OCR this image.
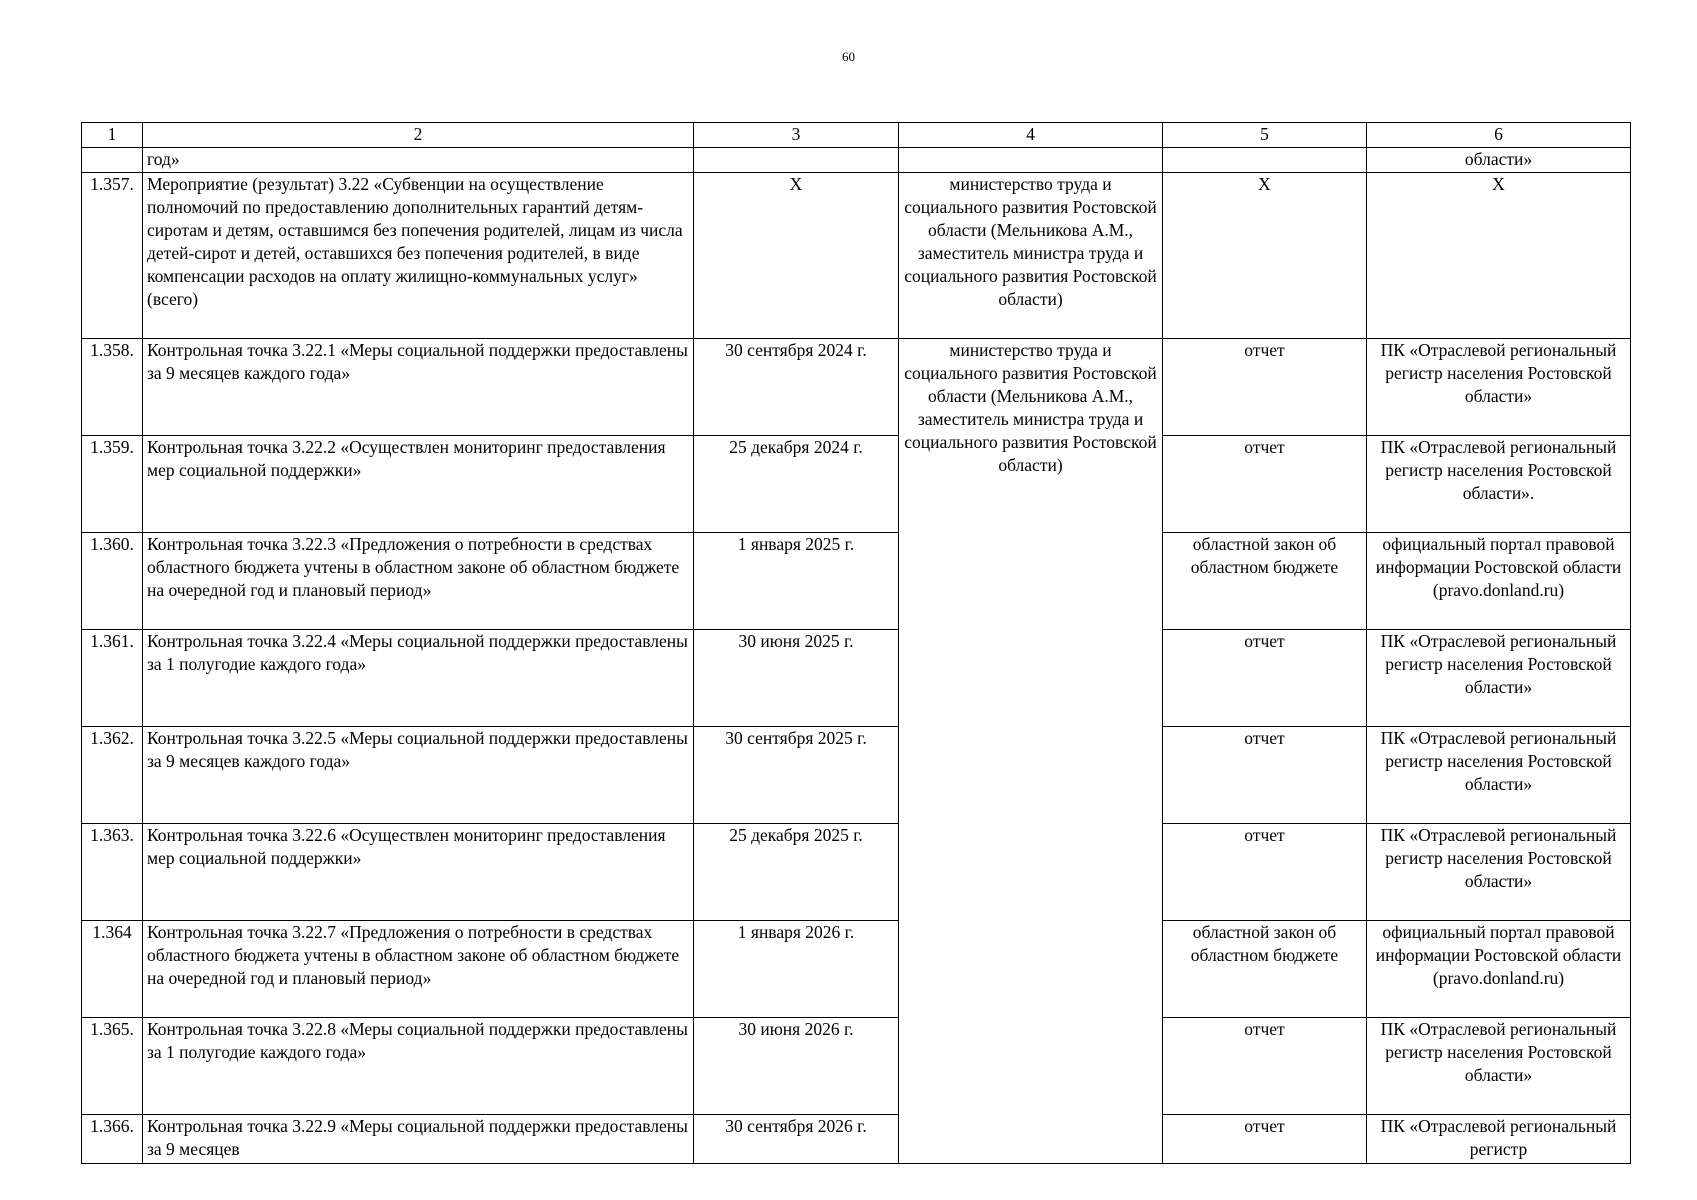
60
1	2	3	4	5	6
	год»				области»
1.357.	Мероприятие (результат) 3.22 «Субвенции на осуществление полномочий по предоставлению дополнительных гарантий детям-сиротам и детям, оставшимся без попечения родителей, лицам из числа детей-сирот и детей, оставшихся без попечения родителей, в виде компенсации расходов на оплату жилищно-коммунальных услуг» (всего)	Х	министерство труда и социального развития Ростовской области (Мельникова А.М., заместитель министра труда и социального развития Ростовской области)	Х	Х
1.358.	Контрольная точка 3.22.1 «Меры социальной поддержки предоставлены за 9 месяцев каждого года»	30 сентября 2024 г.	министерство труда и социального развития Ростовской области (Мельникова А.М., заместитель министра труда и социального развития Ростовской области)	отчет	ПК «Отраслевой региональный регистр населения Ростовской области»
1.359.	Контрольная точка 3.22.2 «Осуществлен мониторинг предоставления мер социальной поддержки»	25 декабря 2024 г.		отчет	ПК «Отраслевой региональный регистр населения Ростовской области».
1.360.	Контрольная точка 3.22.3 «Предложения о потребности в средствах областного бюджета учтены в областном законе об областном бюджете на очередной год и плановый период»	1 января 2025 г.		областной закон об областном бюджете	официальный портал правовой информации Ростовской области (pravo.donland.ru)
1.361.	Контрольная точка 3.22.4 «Меры социальной поддержки предоставлены за 1 полугодие каждого года»	30 июня 2025 г.		отчет	ПК «Отраслевой региональный регистр населения Ростовской области»
1.362.	Контрольная точка 3.22.5 «Меры социальной поддержки предоставлены за 9 месяцев каждого года»	30 сентября 2025 г.		отчет	ПК «Отраслевой региональный регистр населения Ростовской области»
1.363.	Контрольная точка 3.22.6 «Осуществлен мониторинг предоставления мер социальной поддержки»	25 декабря 2025 г.		отчет	ПК «Отраслевой региональный регистр населения Ростовской области»
1.364	Контрольная точка 3.22.7 «Предложения о потребности в средствах областного бюджета учтены в областном законе об областном бюджете на очередной год и плановый период»	1 января 2026 г.		областной закон об областном бюджете	официальный портал правовой информации Ростовской области (pravo.donland.ru)
1.365.	Контрольная точка 3.22.8 «Меры социальной поддержки предоставлены за 1 полугодие каждого года»	30 июня 2026 г.		отчет	ПК «Отраслевой региональный регистр населения Ростовской области»
1.366.	Контрольная точка 3.22.9 «Меры социальной поддержки предоставлены за 9 месяцев	30 сентября 2026 г.		отчет	ПК «Отраслевой региональный регистр
